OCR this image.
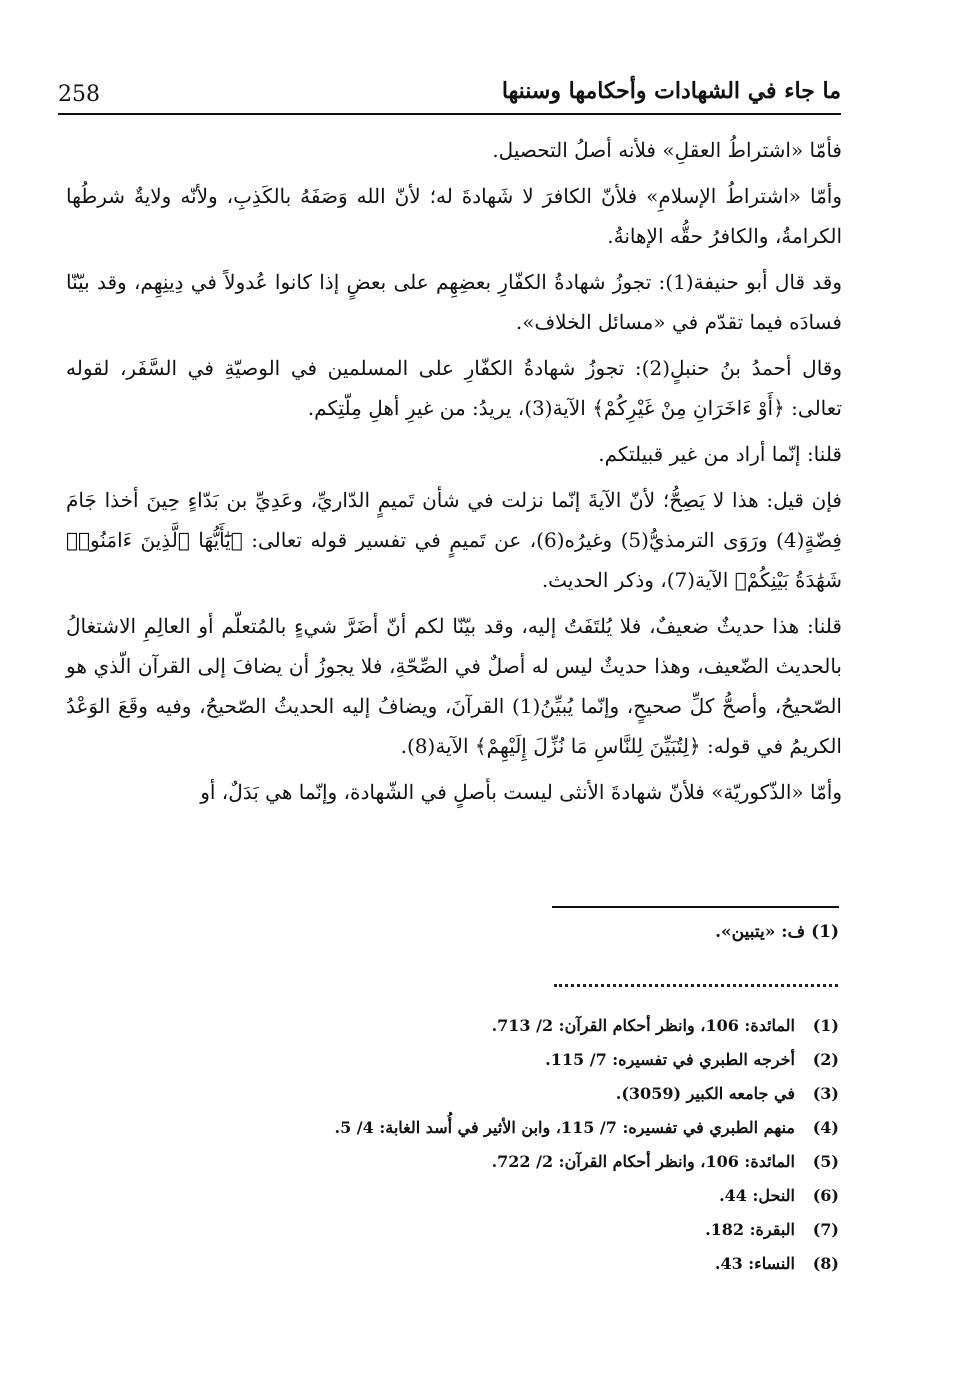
258	ما جاء في الشهادات وأحكامها وسننها

فأمّا «اشتراطُ العقلِ» فلأنه أصلُ التحصيل.

وأمّا «اشتراطُ الإسلامِ» فلأنّ الكافرَ لا شَهادةَ له؛ لأنّ الله وَصَفَهُ بالكَذِبِ، ولأنّه ولايةٌ شرطُها الكرامةُ، والكافرُ حقُّه الإهانةُ.

وقد قال أبو حنيفة(1): تجوزُ شهادةُ الكفّارِ بعضِهِم على بعضٍ إذا كانوا عُدولاً في دِينِهِم، وقد بيّنّا فسادَه فيما تقدّم في «مسائل الخلاف».

وقال أحمدُ بنُ حنبلٍ(2): تجوزُ شهادةُ الكفّارِ على المسلمين في الوصيّةِ في السَّفَر، لقوله تعالى: ﴿أَوْ ءَاخَرَانِ مِنْ غَيْرِكُمْ﴾ الآية(3)، يريدُ: من غيرِ أهلِ مِلّتِكم.

قلنا: إنّما أراد من غير قبيلتكم.

فإن قيل: هذا لا يَصِحُّ؛ لأنّ الآيةَ إنّما نزلت في شأن تَميمٍ الدّاريِّ، وعَدِيِّ بن بَدّاءٍ حِينَ أخذا جَامَ فِضّةٍ(4) ورَوَى الترمذيُّ(5) وغيرُه(6)، عن تَميمٍ في تفسير قوله تعالى: ﴿يَٰٓأَيُّهَا ٱلَّذِينَ ءَامَنُوا۟ شَهَٰدَةُ بَيْنِكُمْ﴾ الآية(7)، وذكر الحديث.

قلنا: هذا حديثٌ ضعيفٌ، فلا يُلتَفَتُ إليه، وقد بيّنّا لكم أنّ أضَرَّ شيءٍ بالمُتعلّم أو العالِمِ الاشتغالُ بالحديث الضّعيف، وهذا حديثٌ ليس له أصلٌ في الصِّحّةِ، فلا يجوزُ أن يضافَ إلى القرآن الّذي هو الصّحيحُ، وأصحُّ كلِّ صحيحٍ، وإنّما يُبيِّنُ(1) القرآنَ، ويضافُ إليه الحديثُ الصّحيحُ، وفيه وقَعَ الوَعْدُ الكريمُ في قوله: ﴿لِتُبَيِّنَ لِلنَّاسِ مَا نُزِّلَ إِلَيْهِمْ﴾ الآية(8).

وأمّا «الذّكوريّة» فلأنّ شهادةَ الأنثى ليست بأصلٍ في الشّهادة، وإنّما هي بَدَلٌ، أو

(1) ف: «يتبين».
(1)المائدة: 106، وانظر أحكام القرآن: 2/ 713.
(2)أخرجه الطبري في تفسيره: 7/ 115.
(3)في جامعه الكبير (3059).
(4)منهم الطبري في تفسيره: 7/ 115، وابن الأثير في أُسد الغابة: 4/ 5.
(5)المائدة: 106، وانظر أحكام القرآن: 2/ 722.
(6)النحل: 44.
(7)البقرة: 182.
(8)النساء: 43.
